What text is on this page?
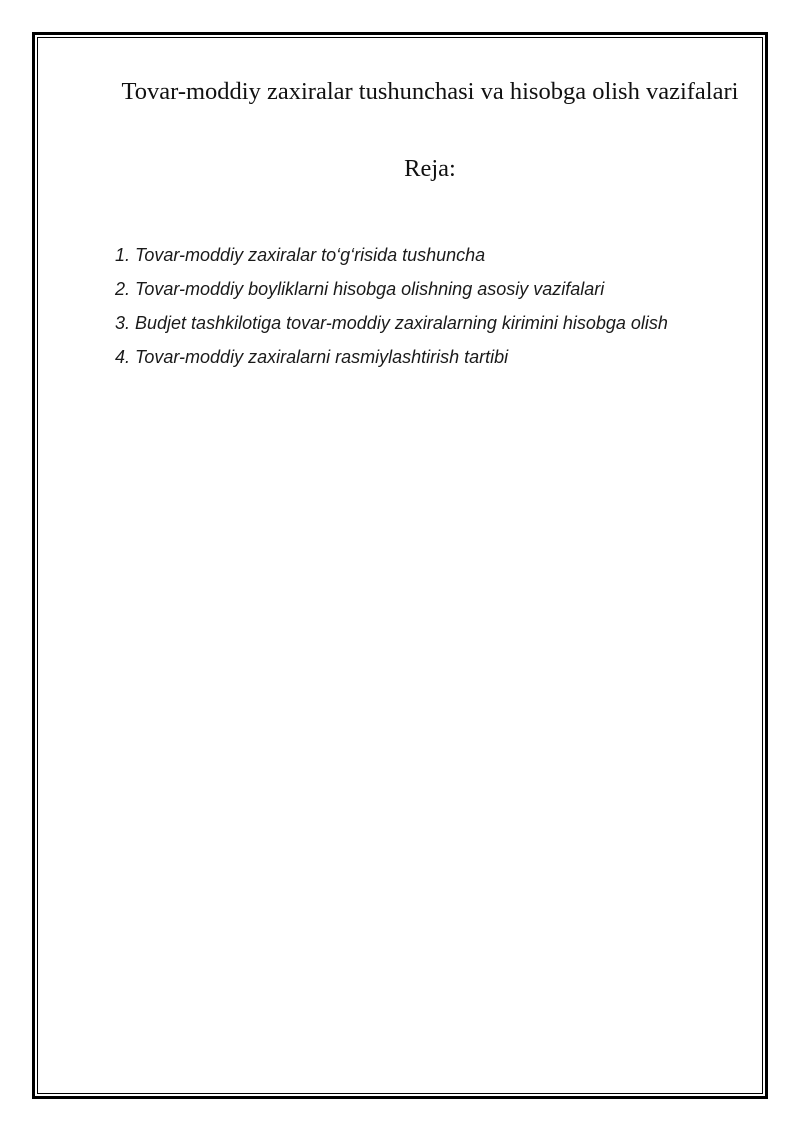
Tovar-moddiy zaxiralar tushunchasi va hisobga olish vazifalari
Reja:
1. Tovar-moddiy zaxiralar to‘g‘risida tushuncha
2. Tovar-moddiy boyliklarni hisobga olishning asosiy vazifalari
3. Budjet tashkilotiga tovar-moddiy zaxiralarning kirimini hisobga olish
4. Tovar-moddiy zaxiralarni rasmiylashtirish tartibi
